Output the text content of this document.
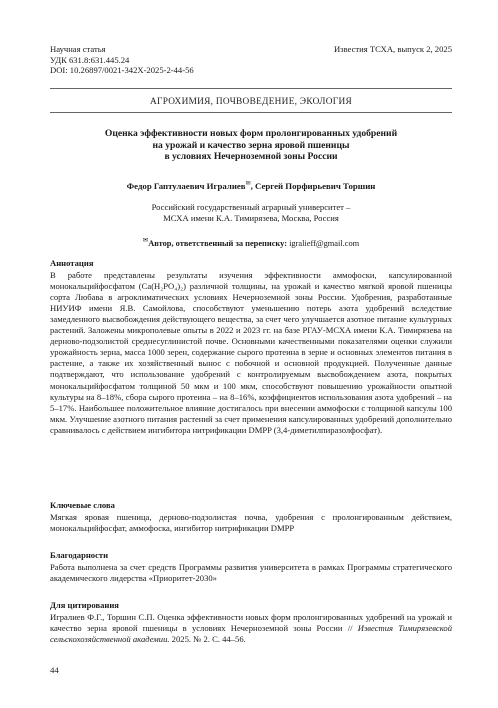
Научная статья
УДК 631.8:631.445.24
DOI: 10.26897/0021-342X-2025-2-44-56
Известия ТСХА, выпуск 2, 2025
АГРОХИМИЯ, ПОЧВОВЕДЕНИЕ, ЭКОЛОГИЯ
Оценка эффективности новых форм пролонгированных удобрений
на урожай и качество зерна яровой пшеницы
в условиях Нечерноземной зоны России
Федор Гаптулаевич Игралиев✉, Сергей Порфирьевич Торшин
Российский государственный аграрный университет –
МСХА имени К.А. Тимирязева, Москва, Россия
✉Автор, ответственный за переписку: igralieff@gmail.com
Аннотация

В работе представлены результаты изучения эффективности аммофоски, капсулированной монокальцийфосфатом (Ca(H₂PO₄)₂) различной толщины, на урожай и качество мягкой яровой пшеницы сорта Любава в агроклиматических условиях Нечерноземной зоны России. Удобрения, разработанные НИУИФ имени Я.В. Самойлова, способствуют уменьшению потерь азота удобрений вследствие замедленного высвобождения действующего вещества, за счет чего улучшается азотное питание культурных растений. Заложены микрополевые опыты в 2022 и 2023 гг. на базе РГАУ-МСХА имени К.А. Тимирязева на дерново-подзолистой среднесуглинистой почве. Основными качественными показателями оценки служили урожайность зерна, масса 1000 зерен, содержание сырого протеина в зерне и основных элементов питания в растение, а также их хозяйственный вынос с побочной и основной продукцией. Полученные данные подтверждают, что использование удобрений с контролируемым высвобождением азота, покрытых монокальцийфосфатом толщиной 50 мкм и 100 мкм, способствуют повышению урожайности опытной культуры на 8–18%, сбора сырого протеина – на 8–16%, коэффициентов использования азота удобрений – на 5–17%. Наибольшее положительное влияние достигалось при внесении аммофоски с толщиной капсулы 100 мкм. Улучшение азотного питания растений за счет применения капсулированных удобрений дополнительно сравнивалось с действием ингибитора нитрификации DMPP (3,4-диметилпиразолфосфат).

Ключевые слова

Мягкая яровая пшеница, дерново-подзолистая почва, удобрения с пролонгированным действием, монокальцийфосфат, аммофоска, ингибитор нитрификации DMPP

Благодарности

Работа выполнена за счет средств Программы развития университета в рамках Программы стратегического академического лидерства «Приоритет-2030»

Для цитирования

Игралиев Ф.Г., Торшин С.П. Оценка эффективности новых форм пролонгированных удобрений на урожай и качество зерна яровой пшеницы в условиях Нечерноземной зоны России // Известия Тимирязевской сельскохозяйственной академии. 2025. № 2. С. 44–56.

44
